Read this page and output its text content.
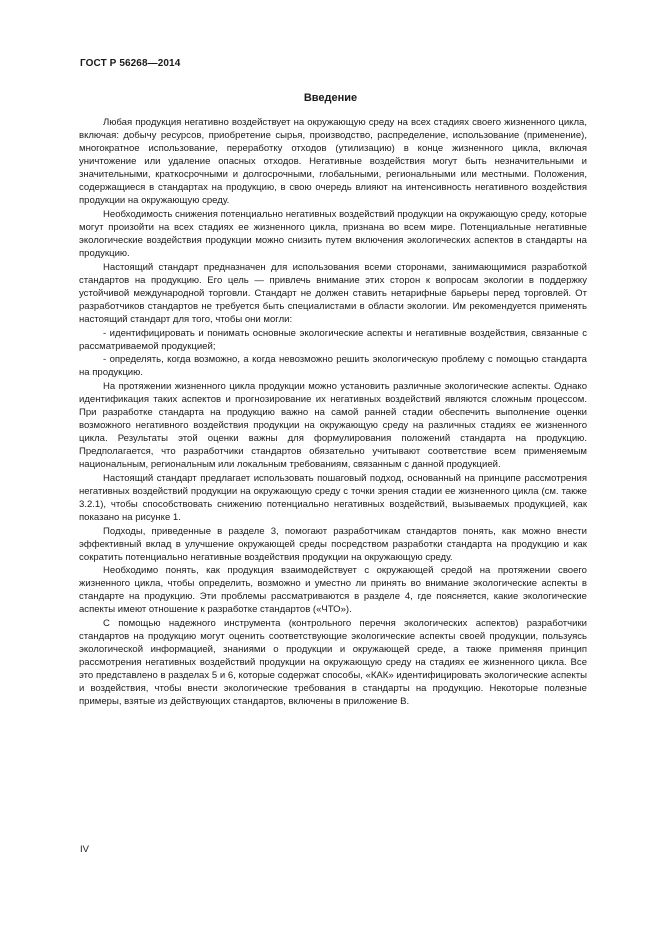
ГОСТ Р 56268—2014
Введение

Любая продукция негативно воздействует на окружающую среду на всех стадиях своего жизненного цикла, включая: добычу ресурсов, приобретение сырья, производство, распределение, использование (применение), многократное использование, переработку отходов (утилизацию) в конце жизненного цикла, включая уничтожение или удаление опасных отходов. Негативные воздействия могут быть незначительными и значительными, краткосрочными и долгосрочными, глобальными, региональными или местными. Положения, содержащиеся в стандартах на продукцию, в свою очередь влияют на интенсивность негативного воздействия продукции на окружающую среду.

Необходимость снижения потенциально негативных воздействий продукции на окружающую среду, которые могут произойти на всех стадиях ее жизненного цикла, признана во всем мире. Потенциальные негативные экологические воздействия продукции можно снизить путем включения экологических аспектов в стандарты на продукцию.

Настоящий стандарт предназначен для использования всеми сторонами, занимающимися разработкой стандартов на продукцию. Его цель — привлечь внимание этих сторон к вопросам экологии в поддержку устойчивой международной торговли. Стандарт не должен ставить нетарифные барьеры перед торговлей. От разработчиков стандартов не требуется быть специалистами в области экологии. Им рекомендуется применять настоящий стандарт для того, чтобы они могли:

- идентифицировать и понимать основные экологические аспекты и негативные воздействия, связанные с рассматриваемой продукцией;

- определять, когда возможно, а когда невозможно решить экологическую проблему с помощью стандарта на продукцию.

На протяжении жизненного цикла продукции можно установить различные экологические аспекты. Однако идентификация таких аспектов и прогнозирование их негативных воздействий являются сложным процессом. При разработке стандарта на продукцию важно на самой ранней стадии обеспечить выполнение оценки возможного негативного воздействия продукции на окружающую среду на различных стадиях ее жизненного цикла. Результаты этой оценки важны для формулирования положений стандарта на продукцию. Предполагается, что разработчики стандартов обязательно учитывают соответствие всем применяемым национальным, региональным или локальным требованиям, связанным с данной продукцией.

Настоящий стандарт предлагает использовать пошаговый подход, основанный на принципе рассмотрения негативных воздействий продукции на окружающую среду с точки зрения стадии ее жизненного цикла (см. также 3.2.1), чтобы способствовать снижению потенциально негативных воздействий, вызываемых продукцией, как показано на рисунке 1.

Подходы, приведенные в разделе 3, помогают разработчикам стандартов понять, как можно внести эффективный вклад в улучшение окружающей среды посредством разработки стандарта на продукцию и как сократить потенциально негативные воздействия продукции на окружающую среду.

Необходимо понять, как продукция взаимодействует с окружающей средой на протяжении своего жизненного цикла, чтобы определить, возможно и уместно ли принять во внимание экологические аспекты в стандарте на продукцию. Эти проблемы рассматриваются в разделе 4, где поясняется, какие экологические аспекты имеют отношение к разработке стандартов («ЧТО»).

С помощью надежного инструмента (контрольного перечня экологических аспектов) разработчики стандартов на продукцию могут оценить соответствующие экологические аспекты своей продукции, пользуясь экологической информацией, знаниями о продукции и окружающей среде, а также применяя принцип рассмотрения негативных воздействий продукции на окружающую среду на стадиях ее жизненного цикла. Все это представлено в разделах 5 и 6, которые содержат способы, «КАК» идентифицировать экологические аспекты и воздействия, чтобы внести экологические требования в стандарты на продукцию. Некоторые полезные примеры, взятые из действующих стандартов, включены в приложение В.

IV
